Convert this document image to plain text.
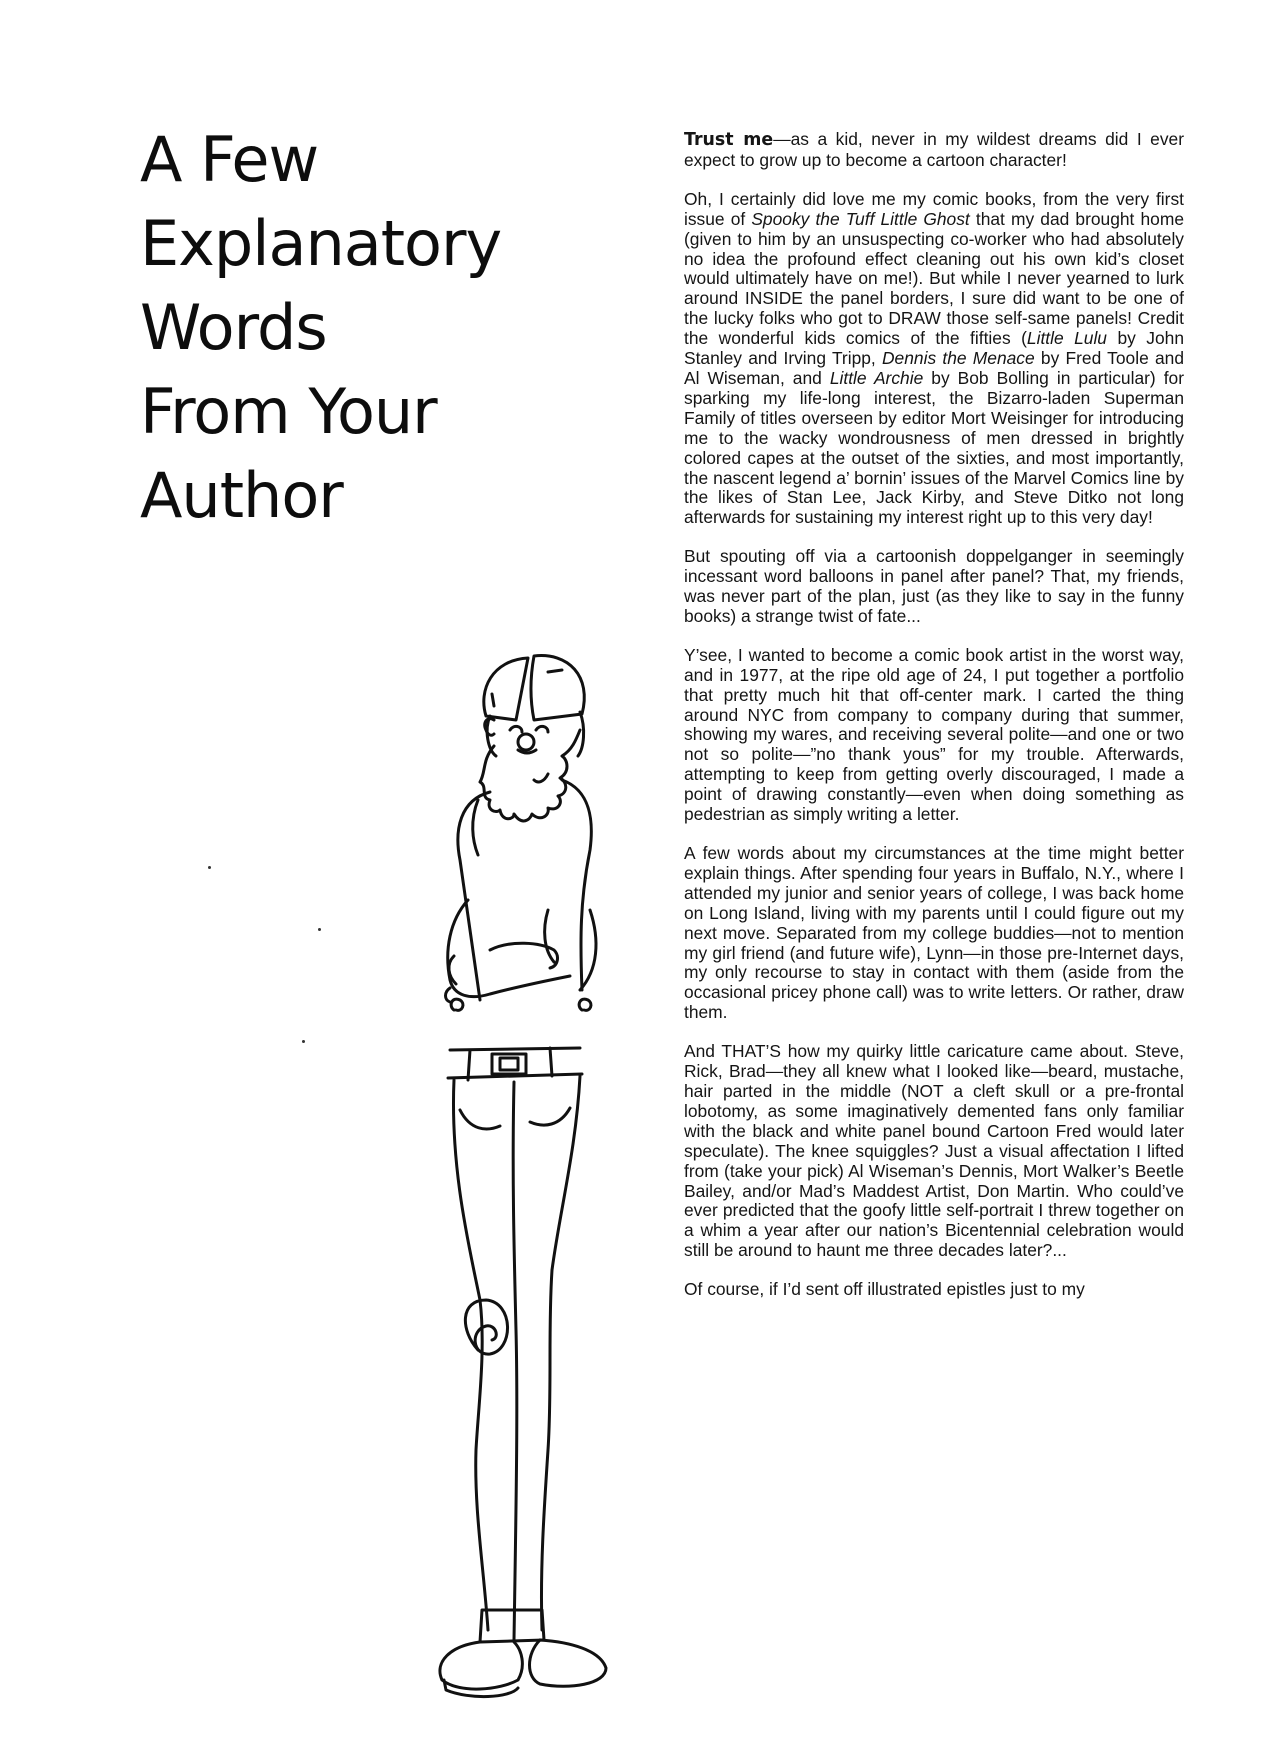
A Few
Explanatory
Words
From Your
Author

Trust me—as a kid, never in my wildest dreams did I ever expect to grow up to become a cartoon character!

Oh, I certainly did love me my comic books, from the very first issue of Spooky the Tuff Little Ghost that my dad brought home (given to him by an unsuspecting co-worker who had absolutely no idea the profound effect cleaning out his own kid’s closet would ultimately have on me!). But while I never yearned to lurk around INSIDE the panel borders, I sure did want to be one of the lucky folks who got to DRAW those self-same panels! Credit the wonderful kids comics of the fifties (Little Lulu by John Stanley and Irving Tripp, Dennis the Menace by Fred Toole and Al Wiseman, and Little Archie by Bob Bolling in particular) for sparking my life-long interest, the Bizarro-laden Superman Family of titles overseen by editor Mort Weisinger for introducing me to the wacky wondrousness of men dressed in brightly colored capes at the outset of the sixties, and most importantly, the nascent legend a’ bornin’ issues of the Marvel Comics line by the likes of Stan Lee, Jack Kirby, and Steve Ditko not long afterwards for sustaining my interest right up to this very day!

But spouting off via a cartoonish doppelganger in seemingly incessant word balloons in panel after panel? That, my friends, was never part of the plan, just (as they like to say in the funny books) a strange twist of fate...

Y’see, I wanted to become a comic book artist in the worst way, and in 1977, at the ripe old age of 24, I put together a portfolio that pretty much hit that off-center mark. I carted the thing around NYC from company to company during that summer, showing my wares, and receiving several polite—and one or two not so polite—”no thank yous” for my trouble. Afterwards, attempting to keep from getting overly discouraged, I made a point of drawing constantly—even when doing something as pedestrian as simply writing a letter.

A few words about my circumstances at the time might better explain things. After spending four years in Buffalo, N.Y., where I attended my junior and senior years of college, I was back home on Long Island, living with my parents until I could figure out my next move. Separated from my college buddies—not to mention my girl friend (and future wife), Lynn—in those pre-Internet days, my only recourse to stay in contact with them (aside from the occasional pricey phone call) was to write letters. Or rather, draw them.

And THAT’S how my quirky little caricature came about. Steve, Rick, Brad—they all knew what I looked like—beard, mustache, hair parted in the middle (NOT a cleft skull or a pre-frontal lobotomy, as some imaginatively demented fans only familiar with the black and white panel bound Cartoon Fred would later speculate). The knee squiggles? Just a visual affectation I lifted from (take your pick) Al Wiseman’s Dennis, Mort Walker’s Beetle Bailey, and/or Mad’s Maddest Artist, Don Martin. Who could’ve ever predicted that the goofy little self-portrait I threw together on a whim a year after our nation’s Bicentennial celebration would still be around to haunt me three decades later?...

Of course, if I’d sent off illustrated epistles just to my
